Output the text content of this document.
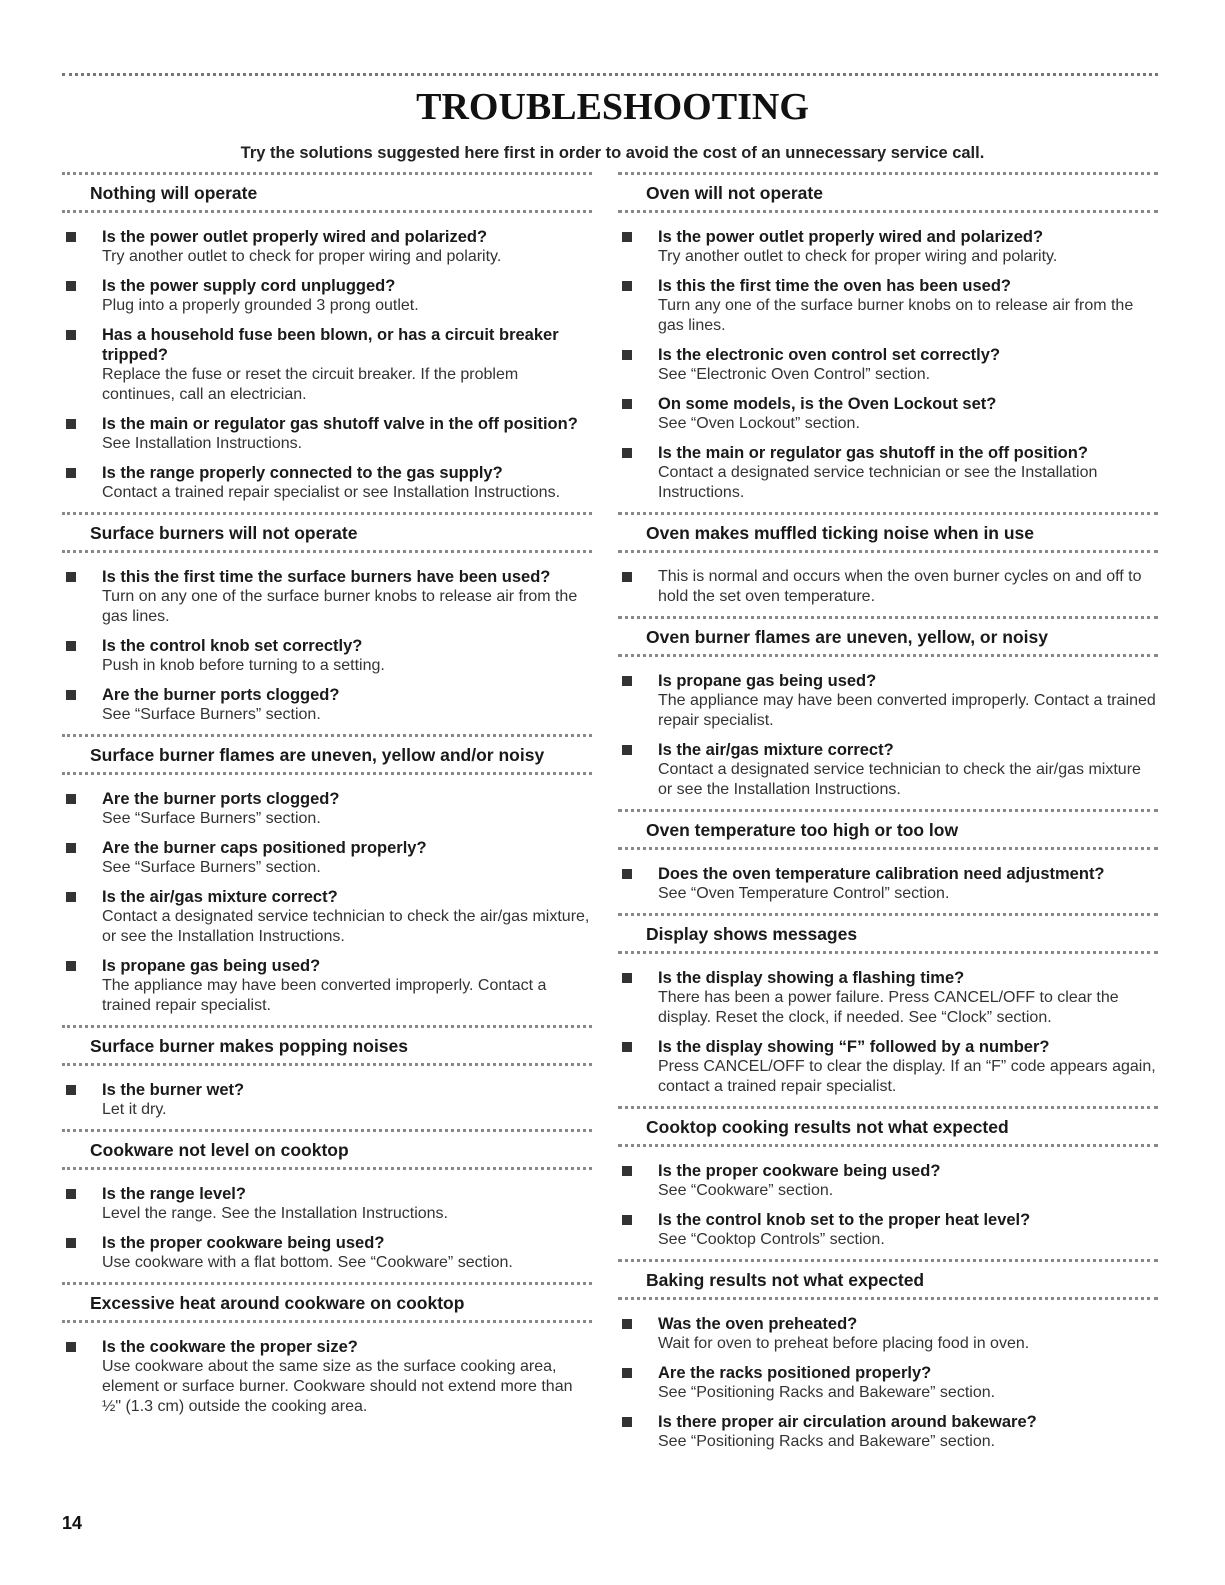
TROUBLESHOOTING
Try the solutions suggested here first in order to avoid the cost of an unnecessary service call.
Nothing will operate
Is the power outlet properly wired and polarized?
Try another outlet to check for proper wiring and polarity.
Is the power supply cord unplugged?
Plug into a properly grounded 3 prong outlet.
Has a household fuse been blown, or has a circuit breaker tripped?
Replace the fuse or reset the circuit breaker. If the problem continues, call an electrician.
Is the main or regulator gas shutoff valve in the off position?
See Installation Instructions.
Is the range properly connected to the gas supply?
Contact a trained repair specialist or see Installation Instructions.
Surface burners will not operate
Is this the first time the surface burners have been used?
Turn on any one of the surface burner knobs to release air from the gas lines.
Is the control knob set correctly?
Push in knob before turning to a setting.
Are the burner ports clogged?
See “Surface Burners” section.
Surface burner flames are uneven, yellow and/or noisy
Are the burner ports clogged?
See “Surface Burners” section.
Are the burner caps positioned properly?
See “Surface Burners” section.
Is the air/gas mixture correct?
Contact a designated service technician to check the air/gas mixture, or see the Installation Instructions.
Is propane gas being used?
The appliance may have been converted improperly. Contact a trained repair specialist.
Surface burner makes popping noises
Is the burner wet?
Let it dry.
Cookware not level on cooktop
Is the range level?
Level the range. See the Installation Instructions.
Is the proper cookware being used?
Use cookware with a flat bottom. See “Cookware” section.
Excessive heat around cookware on cooktop
Is the cookware the proper size?
Use cookware about the same size as the surface cooking area, element or surface burner. Cookware should not extend more than ½" (1.3 cm) outside the cooking area.
Oven will not operate
Is the power outlet properly wired and polarized?
Try another outlet to check for proper wiring and polarity.
Is this the first time the oven has been used?
Turn any one of the surface burner knobs on to release air from the gas lines.
Is the electronic oven control set correctly?
See “Electronic Oven Control” section.
On some models, is the Oven Lockout set?
See “Oven Lockout” section.
Is the main or regulator gas shutoff in the off position?
Contact a designated service technician or see the Installation Instructions.
Oven makes muffled ticking noise when in use
This is normal and occurs when the oven burner cycles on and off to hold the set oven temperature.
Oven burner flames are uneven, yellow, or noisy
Is propane gas being used?
The appliance may have been converted improperly. Contact a trained repair specialist.
Is the air/gas mixture correct?
Contact a designated service technician to check the air/gas mixture or see the Installation Instructions.
Oven temperature too high or too low
Does the oven temperature calibration need adjustment?
See “Oven Temperature Control” section.
Display shows messages
Is the display showing a flashing time?
There has been a power failure. Press CANCEL/OFF to clear the display. Reset the clock, if needed. See “Clock” section.
Is the display showing “F” followed by a number?
Press CANCEL/OFF to clear the display. If an “F” code appears again, contact a trained repair specialist.
Cooktop cooking results not what expected
Is the proper cookware being used?
See “Cookware” section.
Is the control knob set to the proper heat level?
See “Cooktop Controls” section.
Baking results not what expected
Was the oven preheated?
Wait for oven to preheat before placing food in oven.
Are the racks positioned properly?
See “Positioning Racks and Bakeware” section.
Is there proper air circulation around bakeware?
See “Positioning Racks and Bakeware” section.
14
